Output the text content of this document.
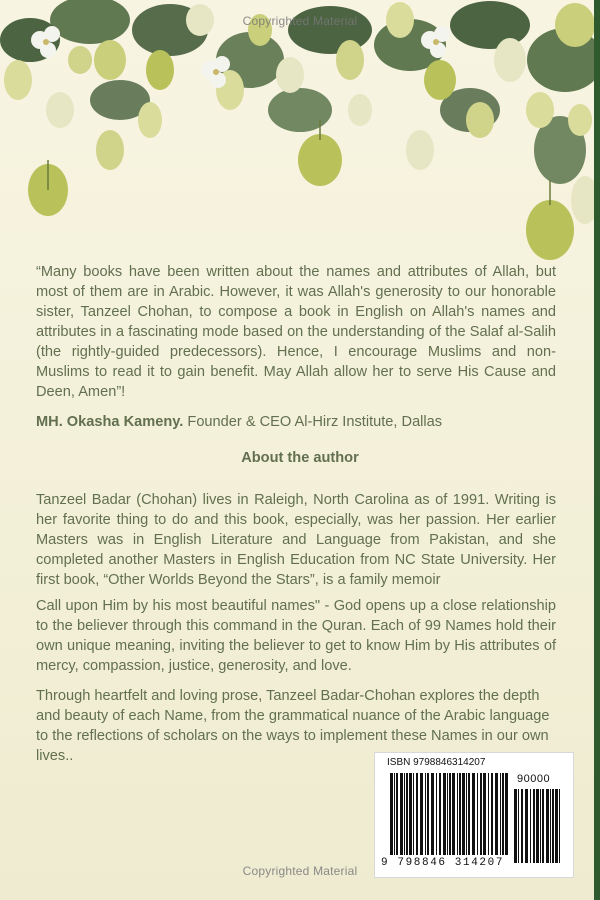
Copyrighted Material

“Many books have been written about the names and attributes of Allah, but most of them are in Arabic. However, it was Allah's generosity to our honorable sister, Tanzeel Chohan, to compose a book in English on Allah's names and attributes in a fascinating mode based on the understanding of the Salaf al-Salih (the rightly-guided predecessors). Hence, I encourage Muslims and non-Muslims to read it to gain benefit. May Allah allow her to serve His Cause and Deen, Amen”!

MH. Okasha Kameny. Founder & CEO Al-Hirz Institute, Dallas

About the author

Tanzeel Badar (Chohan) lives in Raleigh, North Carolina as of 1991. Writing is her favorite thing to do and this book, especially, was her passion. Her earlier Masters was in English Literature and Language from Pakistan, and she completed another Masters in English Education from NC State University. Her first book, “Other Worlds Beyond the Stars”, is a family memoir

Call upon Him by his most beautiful names" - God opens up a close relationship to the believer through this command in the Quran. Each of 99 Names hold their own unique meaning, inviting the believer to get to know Him by His attributes of mercy, compassion, justice, generosity, and love.

Through heartfelt and loving prose, Tanzeel Badar-Chohan explores the depth and beauty of each Name, from the grammatical nuance of the Arabic language to the reflections of scholars on the ways to implement these Names in our own lives..	ISBN 9798846314207
90000
9 798846 314207
Copyrighted Material
